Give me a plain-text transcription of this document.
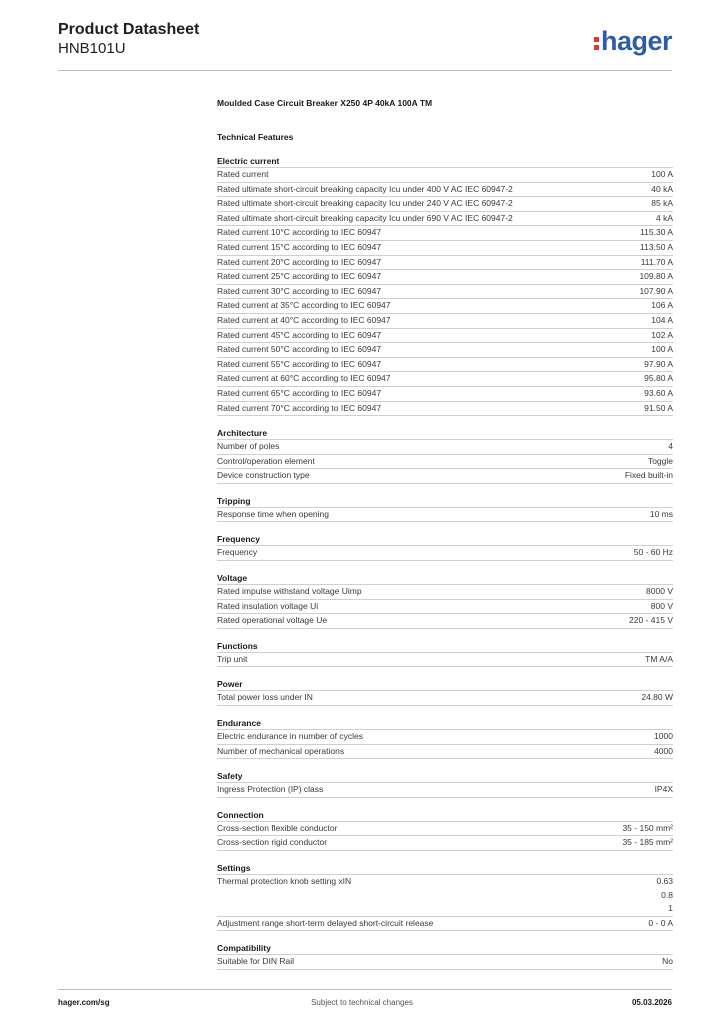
Product Datasheet
HNB101U	hager
Moulded Case Circuit Breaker X250 4P 40kA 100A TM
Technical Features
Electric current
Rated current	100 A
Rated ultimate short-circuit breaking capacity Icu under 400 V AC IEC 60947-2	40 kA
Rated ultimate short-circuit breaking capacity Icu under 240 V AC IEC 60947-2	85 kA
Rated ultimate short-circuit breaking capacity Icu under 690 V AC IEC 60947-2	4 kA
Rated current 10°C according to IEC 60947	115.30 A
Rated current 15°C according to IEC 60947	113.50 A
Rated current 20°C according to IEC 60947	111.70 A
Rated current 25°C according to IEC 60947	109.80 A
Rated current 30°C according to IEC 60947	107.90 A
Rated current at 35°C according to IEC 60947	106 A
Rated current at 40°C according to IEC 60947	104 A
Rated current 45°C according to IEC 60947	102 A
Rated current 50°C according to IEC 60947	100 A
Rated current 55°C according to IEC 60947	97.90 A
Rated current at 60°C according to IEC 60947	95.80 A
Rated current 65°C according to IEC 60947	93.60 A
Rated current 70°C according to IEC 60947	91.50 A
Architecture
Number of poles	4
Control/operation element	Toggle
Device construction type	Fixed built-in
Tripping
Response time when opening	10 ms
Frequency
Frequency	50 - 60 Hz
Voltage
Rated impulse withstand voltage Uimp	8000 V
Rated insulation voltage Ui	800 V
Rated operational voltage Ue	220 - 415 V
Functions
Trip unit	TM A/A
Power
Total power loss under IN	24.80 W
Endurance
Electric endurance in number of cycles	1000
Number of mechanical operations	4000
Safety
Ingress Protection (IP) class	IP4X
Connection
Cross-section flexible conductor	35 - 150 mm²
Cross-section rigid conductor	35 - 185 mm²
Settings
Thermal protection knob setting xIN	0.63
0.8
1
Adjustment range short-term delayed short-circuit release	0 - 0 A
Compatibility
Suitable for DIN Rail	No
hager.com/sg	Subject to technical changes	05.03.2026
